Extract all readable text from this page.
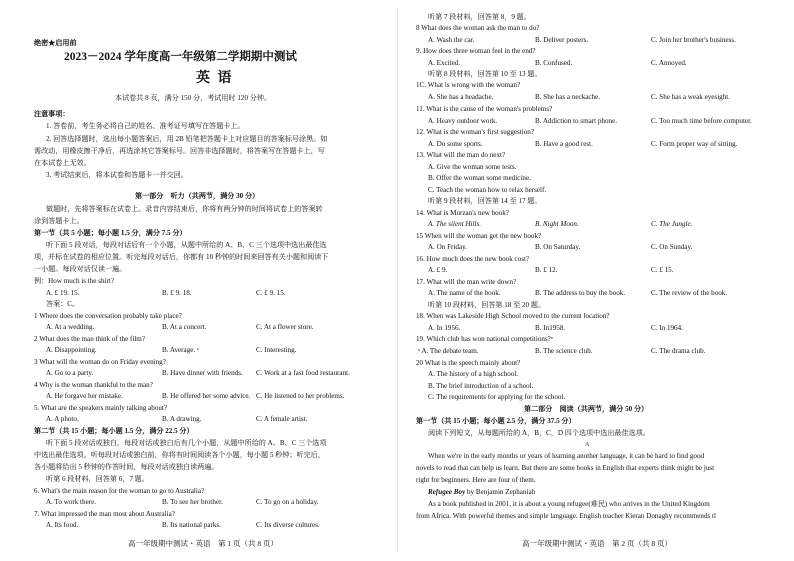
绝密★启用前
2023－2024 学年度高一年级第二学期期中测试
英 语
本试卷共 8 页，满分 150 分，考试用时 120 分钟。
注意事项：
1. 答卷前，考生务必将自己的姓名、准考证号填写在答题卡上。
2. 回答选择题时，选出每小题答案后，用 2B 铅笔把答题卡上对应题目的答案标号涂黑。如
需改动，用橡皮擦干净后，再选涂其它答案标号。回答非选择题时，将答案写在答题卡上，写
在本试卷上无效。
3. 考试结束后，将本试卷和答题卡一并交回。
第一部分　听力（共两节，满分 30 分）
做题时，先将答案标在试卷上。录音内容结束后，你将有两分钟的时间将试卷上的答案转
涂到答题卡上。
第一节（共 5 小题；每小题 1.5 分，满分 7.5 分）
听下面 5 段对话，每段对话后有一个小题，从题中所给的 A、B、C 三个选项中选出最佳选
项，并标在试卷的相应位置。听完每段对话后，你都有 10 秒钟的时间来回答有关小题和阅读下
一小题。每段对话仅读一遍。
例：How much is the shirt?
A. £ 19. 15.	B. £ 9. 18.	C. £ 9. 15.
答案：C。
1 Where does the conversation probably take place?
A. At a wedding.	B. At a concert.	C. At a flower store.
2 What does the man think of the film?
A. Disappointing.	B. Average. ᵃ	C. Interesting.
3 What will the woman do on Friday evening?
A. Go to a party.	B. Have dinner with friends. C. Work at a fast food restaurant.
4 Why is the woman thankful to the man?
A. He forgave her mistake.	B. He offered her some advice. C. He listened to her problems.
5. What are the speakers mainly talking about?
A. A photo.	B. A drawing.	C. A female artist.
第二节（共 15 小题；每小题 1.5 分，满分 22.5 分）
听下面 5 段对话或独白，每段对话或独白后有几个小题，从题中所给的 A、B、C 三个选项
中选出最佳选项。听每段对话或独白前，你将有时间阅读各个小题，每小题 5 秒钟；听完后，
各小题将给出 5 秒钟的作答时间，每段对话或独白读两遍。
听第 6 段材料，回答第 6，7 题。
6. What's the main reason for the woman to go to Australia?
A. To work there.	B. To see her brother.	C. To go on a holiday.
7. What impressed the man most about Australia?
A. Its food.	B. Its national parks.	C. Its diverse cultures.
高一年级期中测试・英语　第 1 页（共 8 页）
听第 7 段材料，回答第 8，9 题。
8 What does the woman ask the man to do?
A. Wash the car.	B. Deliver posters.	C. Join her brother's business.
9. How does three woman feel in the end?
A. Excited.	B. Confused.	C. Annoyed.
听第 8 段材料，回答第 10 至 13 题。
1C. What is wrong with the woman?
A. She has a headache.	B. She has a neckache.	C. She has a weak eyesight.
11. What is the cause of the woman's problems?
A. Heavy outdoor work.	B. Addiction to smart phone.	C. Too much time before computer.
12. What is the woman's first suggestion?
A. Do some sports.	B. Have a good rest.	C. Form proper way of sitting.
13. What will the man do next?
A. Give the woman some tests.
B. Offer the woman some medicine.
C. Teach the woman how to relax herself.
听第 9 段材料，回答第 14 至 17 题。
14. What is Morzan's new book?
A. The silent Hills.	B. Night Moon.	C. The Jungle.
15 When will the woman get the new book?
A. On Friday.	B. On Saturday.	C. On Sunday.
16. How much does the new book cost?
A. £ 9.	B. £ 12.	C. £ 15.
17. What will the man write down?
A. The name of the book.	B. The address to buy the book.	C. The review of the book.
听第 10 段材料，回答第 18 至 20 题。
18. When was Lakeside High School moved to the current location?
A. In 1956.	B. In1958.	C. In 1964.
19. Which club has won national competitions?ᵃ
ᵃ A. The debate team.	B. The science club.	C. The drama club.
20 What is the speech mainly about?
A. The history of a high school.
B. The brief introduction of a school.
C. The requirements for applying for the school.
第二部分　阅读（共两节，满分 50 分）
第一节（共 15 小题；每小题 2.5 分，满分 37.5 分）
阅读下列短文，从每题所给的 A，B，C，D 四个选项中选出最佳选项。
A
When we're in the early months or years of learning another language, it can be hard to find good
novels to read that can help us learn. But there are some books in English that experts think might be just
right for beginners. Here are four of them.
Refugee Boy by Benjamin Zephaniah
As a book published in 2001, it is about a young refugee(难民) who arrives in the United Kingdom
from Africa. With powerful themes and simple language. English teacher Kieran Donaghy recommends tl
高一年级期中测试・英语　第 2 页（共 8 页）
